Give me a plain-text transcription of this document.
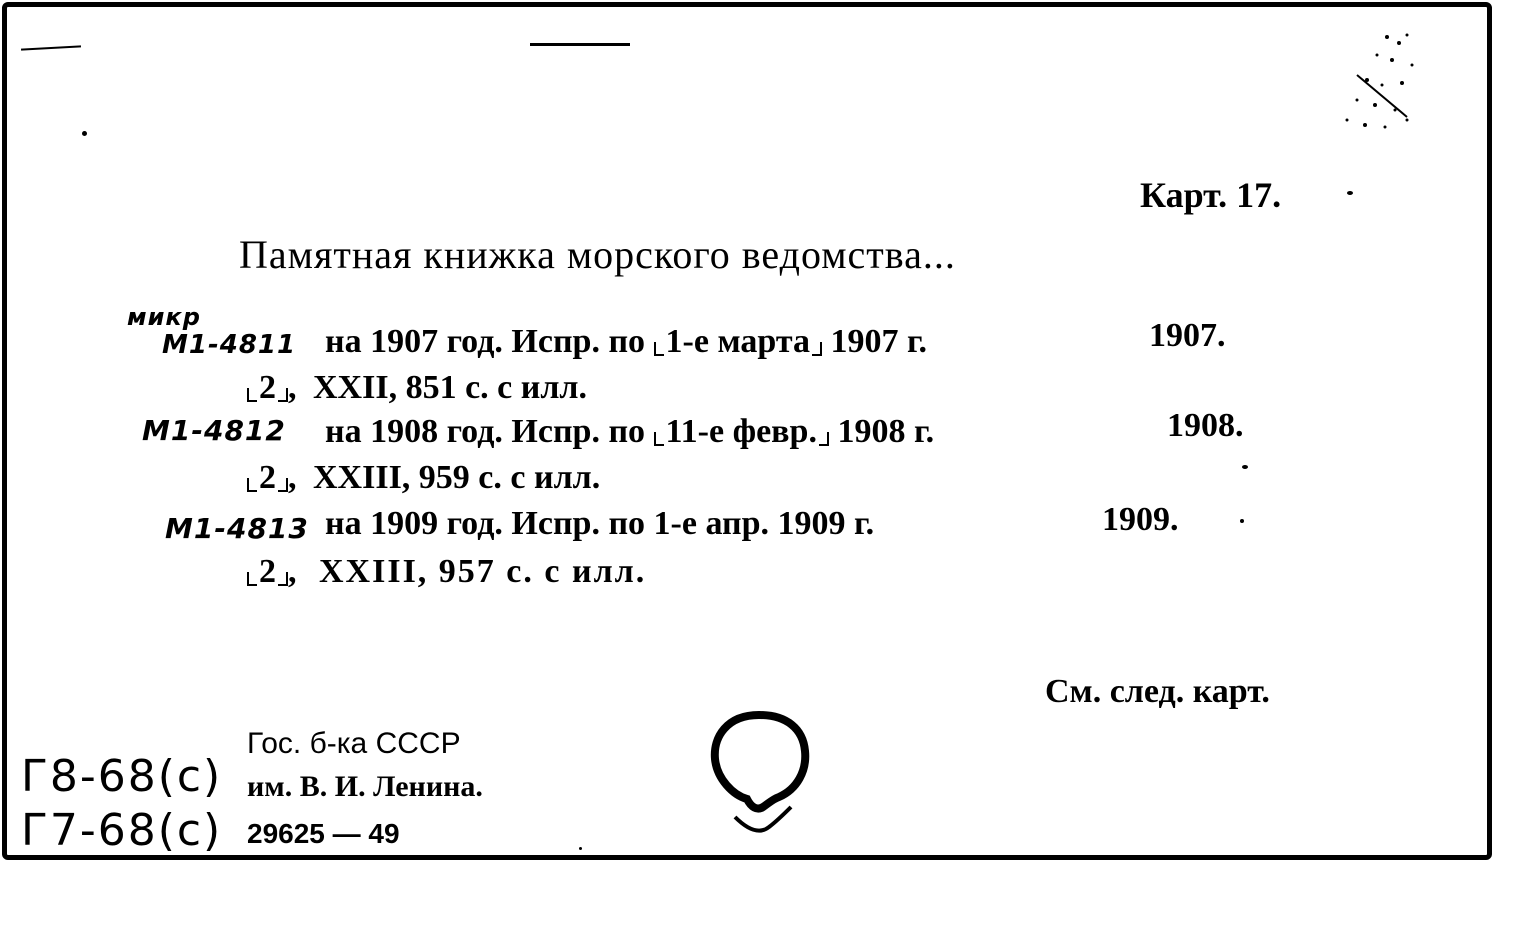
Карт. 17.
Памятная книжка морского ведомства...
микр
М1-4811 на 1907 год. Испр. по 1-е марта 1907 г.	1907.
2 , XXII, 851 с. с илл.
М1-4812 на 1908 год. Испр. по 11-е февр. 1908 г.	1908.
2 , XXIII, 959 с. с илл.
М1-4813 на 1909 год. Испр. по 1-е апр. 1909 г.	1909.
2 , XXIII, 957 с. с илл.
См. след. карт.
Гос. б-ка СССР
им. В. И. Ленина.
29625 — 49
Г8-68(с)
Г7-68(с)
